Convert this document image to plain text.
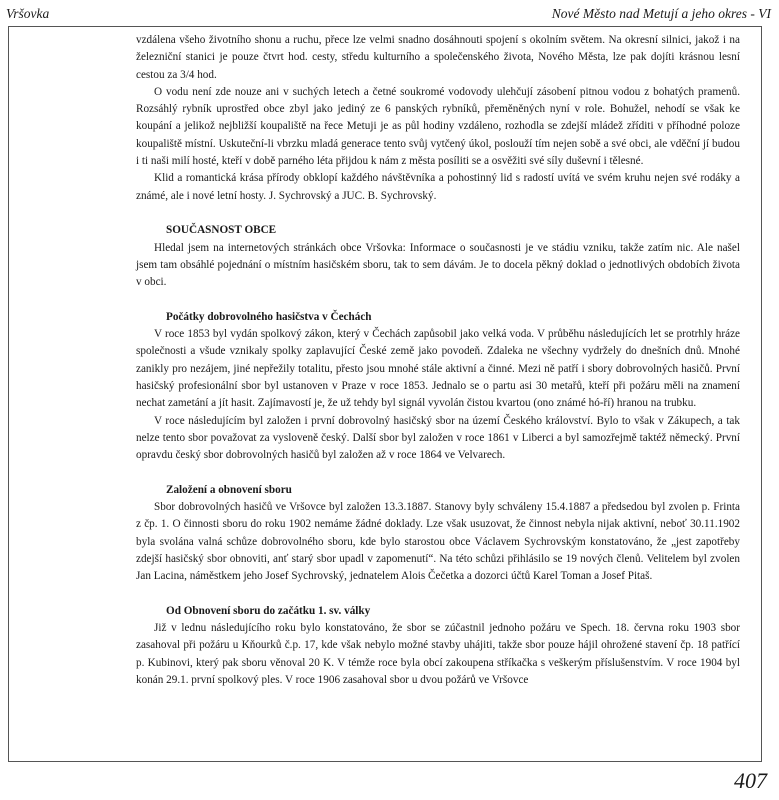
Vršovka	Nové Město nad Metují a jeho okres - VI

vzdálena všeho životního shonu a ruchu, přece lze velmi snadno dosáhnouti spojení s okolním světem. Na okresní silnici, jakož i na železniční stanici je pouze čtvrt hod. cesty, středu kulturního a společenského života, Nového Města, lze pak dojíti krásnou lesní cestou za 3/4 hod.

O vodu není zde nouze ani v suchých letech a četné soukromé vodovody ulehčují zásobení pitnou vodou z bohatých pramenů. Rozsáhlý rybník uprostřed obce zbyl jako jediný ze 6 panských rybníků, přeměněných nyní v role. Bohužel, nehodí se však ke koupání a jelikož nejbližší koupaliště na řece Metuji je as půl hodiny vzdáleno, rozhodla se zdejší mládež zříditi v příhodné poloze koupaliště místní. Uskuteční-li vbrzku mladá generace tento svůj vytčený úkol, poslouží tím nejen sobě a své obci, ale vděční jí budou i ti naši milí hosté, kteří v době parného léta přijdou k nám z města posíliti se a osvěžiti své síly duševní i tělesné.

Klid a romantická krása přírody obklopí každého návštěvníka a pohostinný lid s radostí uvítá ve svém kruhu nejen své rodáky a známé, ale i nové letní hosty. J. Sychrovský a JUC. B. Sychrovský.

SOUČASNOST OBCE

Hledal jsem na internetových stránkách obce Vršovka: Informace o současnosti je ve stádiu vzniku, takže zatím nic. Ale našel jsem tam obsáhlé pojednání o místním hasičském sboru, tak to sem dávám. Je to docela pěkný doklad o jednotlivých obdobích života v obci.

Počátky dobrovolného hasičstva v Čechách

V roce 1853 byl vydán spolkový zákon, který v Čechách zapůsobil jako velká voda. V průběhu následujících let se protrhly hráze společnosti a všude vznikaly spolky zaplavující České země jako povodeň. Zdaleka ne všechny vydržely do dnešních dnů. Mnohé zanikly pro nezájem, jiné nepřežily totalitu, přesto jsou mnohé stále aktivní a činné. Mezi ně patří i sbory dobrovolných hasičů. První hasičský profesionální sbor byl ustanoven v Praze v roce 1853. Jednalo se o partu asi 30 metařů, kteří při požáru měli na znamení nechat zametání a jít hasit. Zajímavostí je, že už tehdy byl signál vyvolán čistou kvartou (ono známé hó-ří) hranou na trubku.

V roce následujícím byl založen i první dobrovolný hasičský sbor na území Českého království. Bylo to však v Zákupech, a tak nelze tento sbor považovat za vysloveně český. Další sbor byl založen v roce 1861 v Liberci a byl samozřejmě taktéž německý. První opravdu český sbor dobrovolných hasičů byl založen až v roce 1864 ve Velvarech.

Založení a obnovení sboru

Sbor dobrovolných hasičů ve Vršovce byl založen 13.3.1887. Stanovy byly schváleny 15.4.1887 a předsedou byl zvolen p. Frinta z čp. 1. O činnosti sboru do roku 1902 nemáme žádné doklady. Lze však usuzovat, že činnost nebyla nijak aktivní, neboť 30.11.1902 byla svolána valná schůze dobrovolného sboru, kde bylo starostou obce Václavem Sychrovským konstatováno, že „jest zapotřeby zdejší hasičský sbor obnoviti, anť starý sbor upadl v zapomenutí“. Na této schůzi přihlásilo se 19 nových členů. Velitelem byl zvolen Jan Lacina, náměstkem jeho Josef Sychrovský, jednatelem Alois Čečetka a dozorci účtů Karel Toman a Josef Pitaš.

Od Obnovení sboru do začátku 1. sv. války

Již v lednu následujícího roku bylo konstatováno, že sbor se zúčastnil jednoho požáru ve Spech. 18. června roku 1903 sbor zasahoval při požáru u Kňourků č.p. 17, kde však nebylo možné stavby uhájiti, takže sbor pouze hájil ohrožené stavení čp. 18 patřící p. Kubinovi, který pak sboru věnoval 20 K. V témže roce byla obcí zakoupena stříkačka s veškerým příslušenstvím. V roce 1904 byl konán 29.1. první spolkový ples. V roce 1906 zasahoval sbor u dvou požárů ve Vršovce

407
